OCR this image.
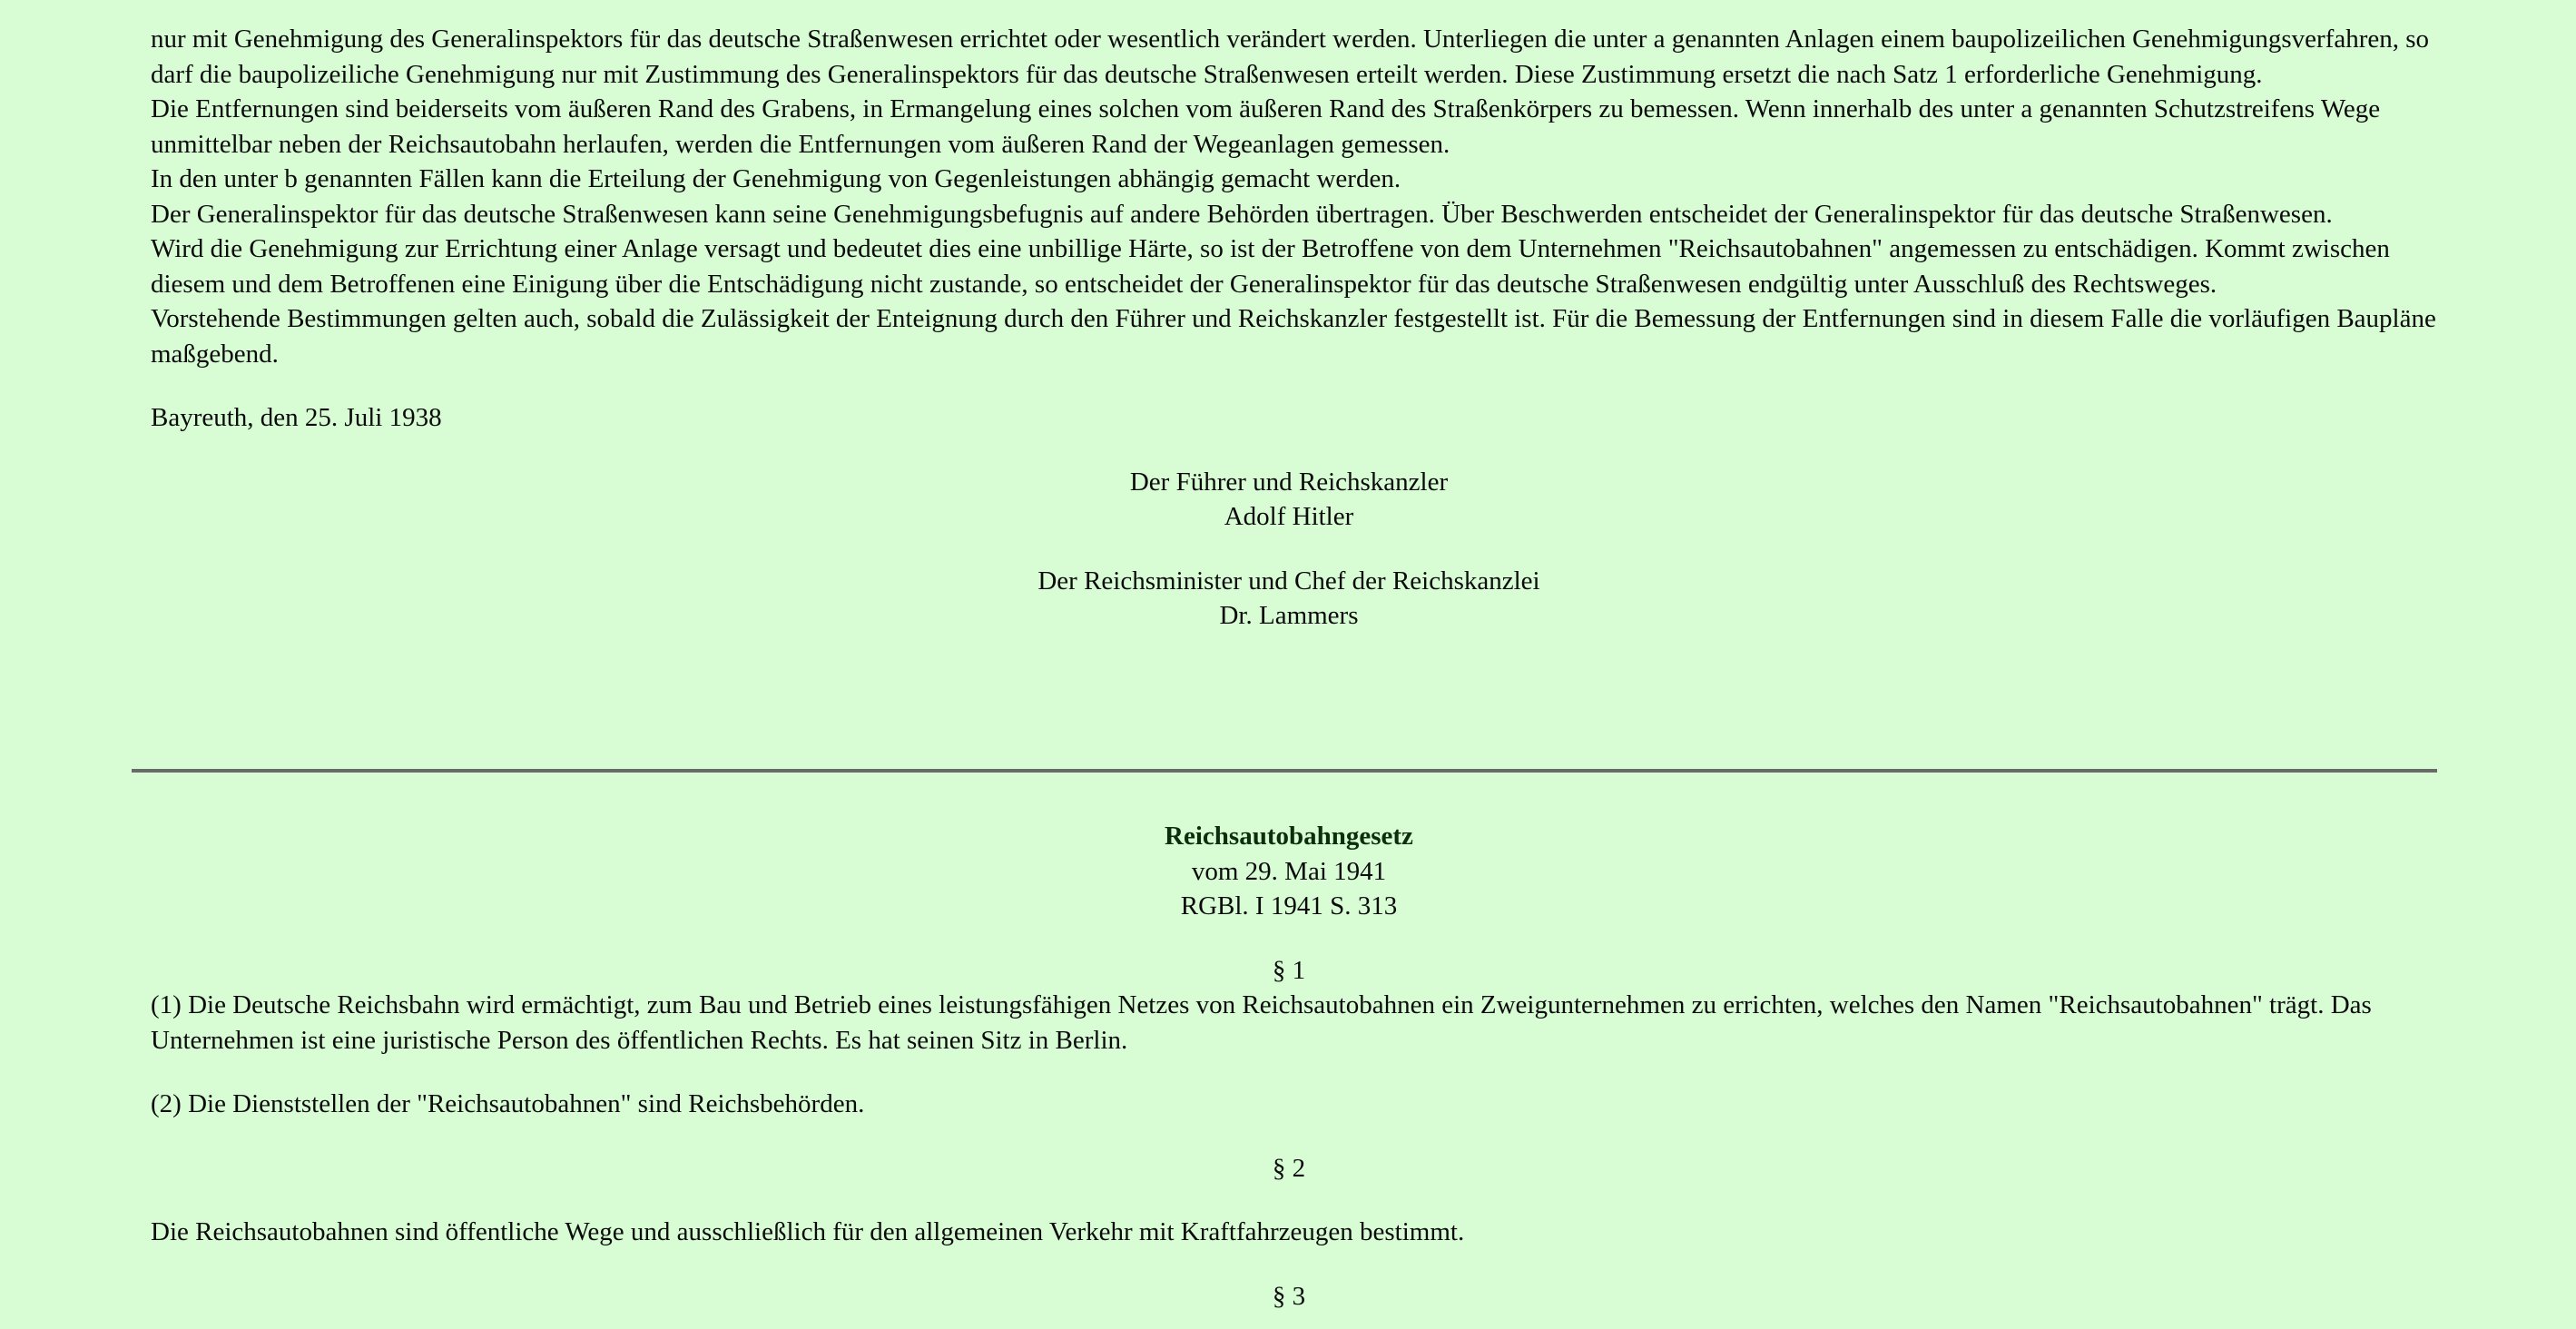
nur mit Genehmigung des Generalinspektors für das deutsche Straßenwesen errichtet oder wesentlich verändert werden. Unterliegen die unter a genannten Anlagen einem baupolizeilichen Genehmigungsverfahren, so darf die baupolizeiliche Genehmigung nur mit Zustimmung des Generalinspektors für das deutsche Straßenwesen erteilt werden. Diese Zustimmung ersetzt die nach Satz 1 erforderliche Genehmigung.

Die Entfernungen sind beiderseits vom äußeren Rand des Grabens, in Ermangelung eines solchen vom äußeren Rand des Straßenkörpers zu bemessen. Wenn innerhalb des unter a genannten Schutzstreifens Wege unmittelbar neben der Reichsautobahn herlaufen, werden die Entfernungen vom äußeren Rand der Wegeanlagen gemessen.

In den unter b genannten Fällen kann die Erteilung der Genehmigung von Gegenleistungen abhängig gemacht werden.

Der Generalinspektor für das deutsche Straßenwesen kann seine Genehmigungsbefugnis auf andere Behörden übertragen. Über Beschwerden entscheidet der Generalinspektor für das deutsche Straßenwesen.

Wird die Genehmigung zur Errichtung einer Anlage versagt und bedeutet dies eine unbillige Härte, so ist der Betroffene von dem Unternehmen "Reichsautobahnen" angemessen zu entschädigen. Kommt zwischen diesem und dem Betroffenen eine Einigung über die Entschädigung nicht zustande, so entscheidet der Generalinspektor für das deutsche Straßenwesen endgültig unter Ausschluß des Rechtsweges.

Vorstehende Bestimmungen gelten auch, sobald die Zulässigkeit der Enteignung durch den Führer und Reichskanzler festgestellt ist. Für die Bemessung der Entfernungen sind in diesem Falle die vorläufigen Baupläne maßgebend.

Bayreuth, den 25. Juli 1938

Der Führer und Reichskanzler

Adolf Hitler

Der Reichsminister und Chef der Reichskanzlei

Dr. Lammers

Reichsautobahngesetz

vom 29. Mai 1941

RGBl. I 1941 S. 313

§ 1

(1) Die Deutsche Reichsbahn wird ermächtigt, zum Bau und Betrieb eines leistungsfähigen Netzes von Reichsautobahnen ein Zweigunternehmen zu errichten, welches den Namen "Reichsautobahnen" trägt. Das Unternehmen ist eine juristische Person des öffentlichen Rechts. Es hat seinen Sitz in Berlin.

(2) Die Dienststellen der "Reichsautobahnen" sind Reichsbehörden.

§ 2

Die Reichsautobahnen sind öffentliche Wege und ausschließlich für den allgemeinen Verkehr mit Kraftfahrzeugen bestimmt.

§ 3
